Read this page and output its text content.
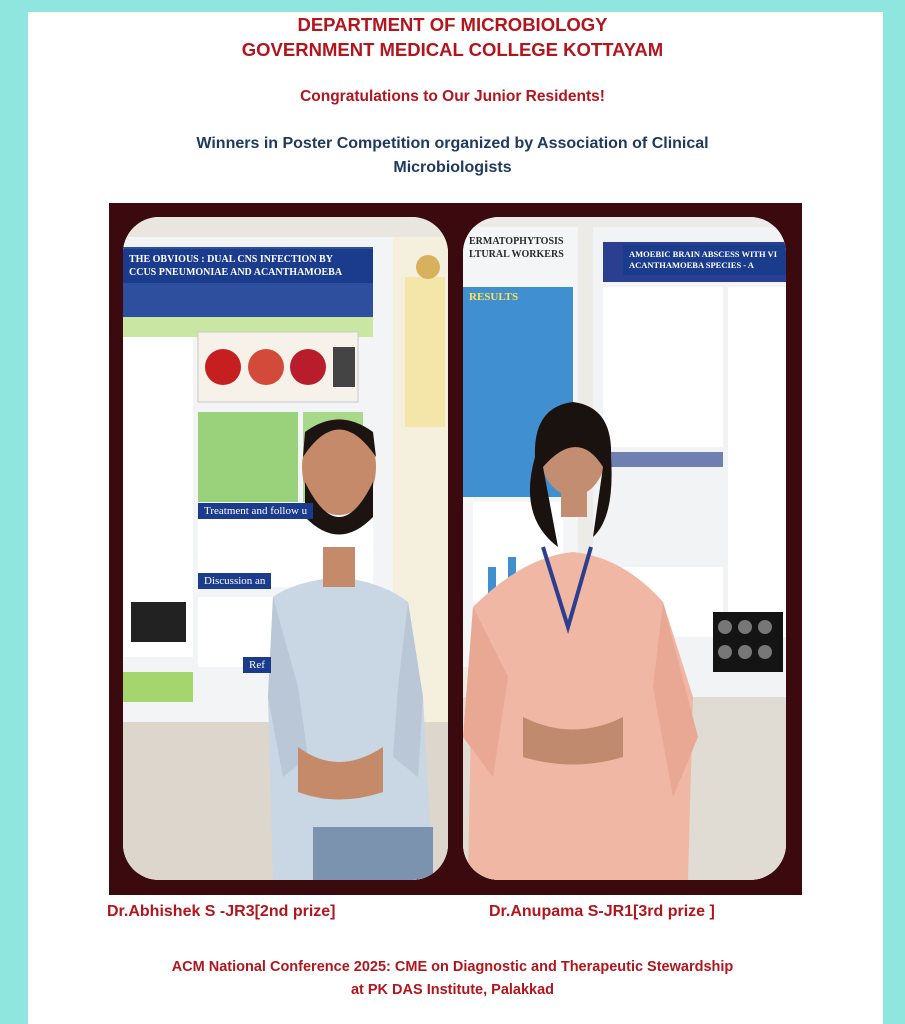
DEPARTMENT OF MICROBIOLOGY
GOVERNMENT MEDICAL COLLEGE KOTTAYAM
Congratulations to Our Junior Residents!
Winners in Poster Competition organized by Association of Clinical
Microbiologists
THE OBVIOUS : DUAL CNS INFECTION BY
CCUS PNEUMONIAE AND ACANTHAMOEBA
Treatment and follow u
Discussion an
Ref
ERMATOPHYTOSIS
LTURAL WORKERS
RESULTS
AMOEBIC BRAIN ABSCESS WITH VI
ACANTHAMOEBA SPECIES - A
Dr.Abhishek S -JR3[2nd prize]	Dr.Anupama S-JR1[3rd prize ]
ACM National Conference 2025: CME on Diagnostic and Therapeutic Stewardship
at PK DAS Institute, Palakkad
